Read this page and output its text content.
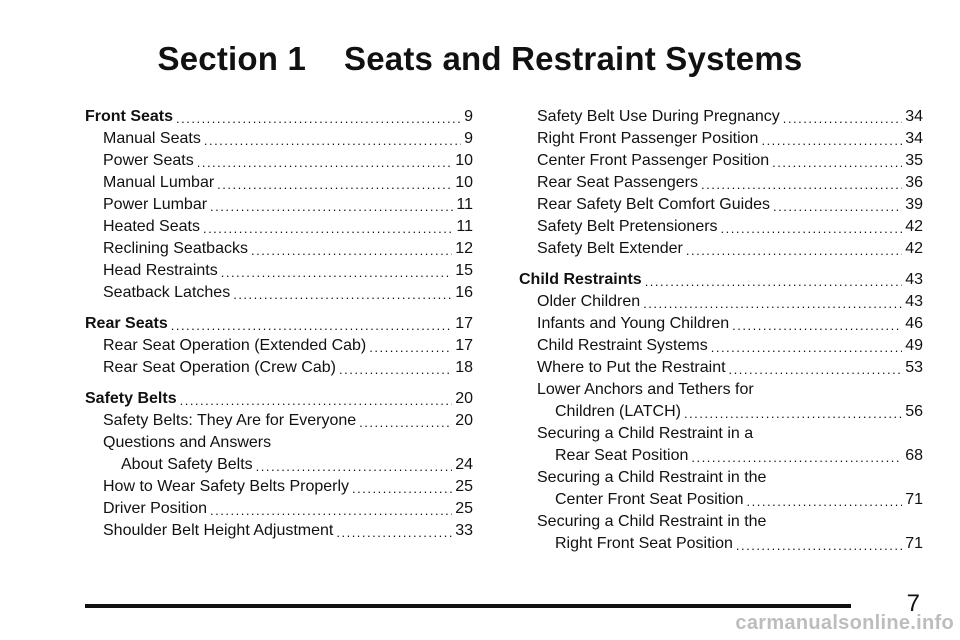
Section 1 Seats and Restraint Systems
Front Seats .....	9
Manual Seats .....	9
Power Seats .....	10
Manual Lumbar .....	10
Power Lumbar .....	11
Heated Seats .....	11
Reclining Seatbacks .....	12
Head Restraints .....	15
Seatback Latches .....	16
Rear Seats .....	17
Rear Seat Operation (Extended Cab) .....	17
Rear Seat Operation (Crew Cab) .....	18
Safety Belts .....	20
Safety Belts: They Are for Everyone .....	20
Questions and Answers
About Safety Belts .....	24
How to Wear Safety Belts Properly .....	25
Driver Position .....	25
Shoulder Belt Height Adjustment .....	33
Safety Belt Use During Pregnancy .....	34
Right Front Passenger Position .....	34
Center Front Passenger Position .....	35
Rear Seat Passengers .....	36
Rear Safety Belt Comfort Guides .....	39
Safety Belt Pretensioners .....	42
Safety Belt Extender .....	42
Child Restraints .....	43
Older Children .....	43
Infants and Young Children .....	46
Child Restraint Systems .....	49
Where to Put the Restraint .....	53
Lower Anchors and Tethers for
Children (LATCH) .....	56
Securing a Child Restraint in a
Rear Seat Position .....	68
Securing a Child Restraint in the
Center Front Seat Position .....	71
Securing a Child Restraint in the
Right Front Seat Position .....	71
7
carmanualsonline.info
